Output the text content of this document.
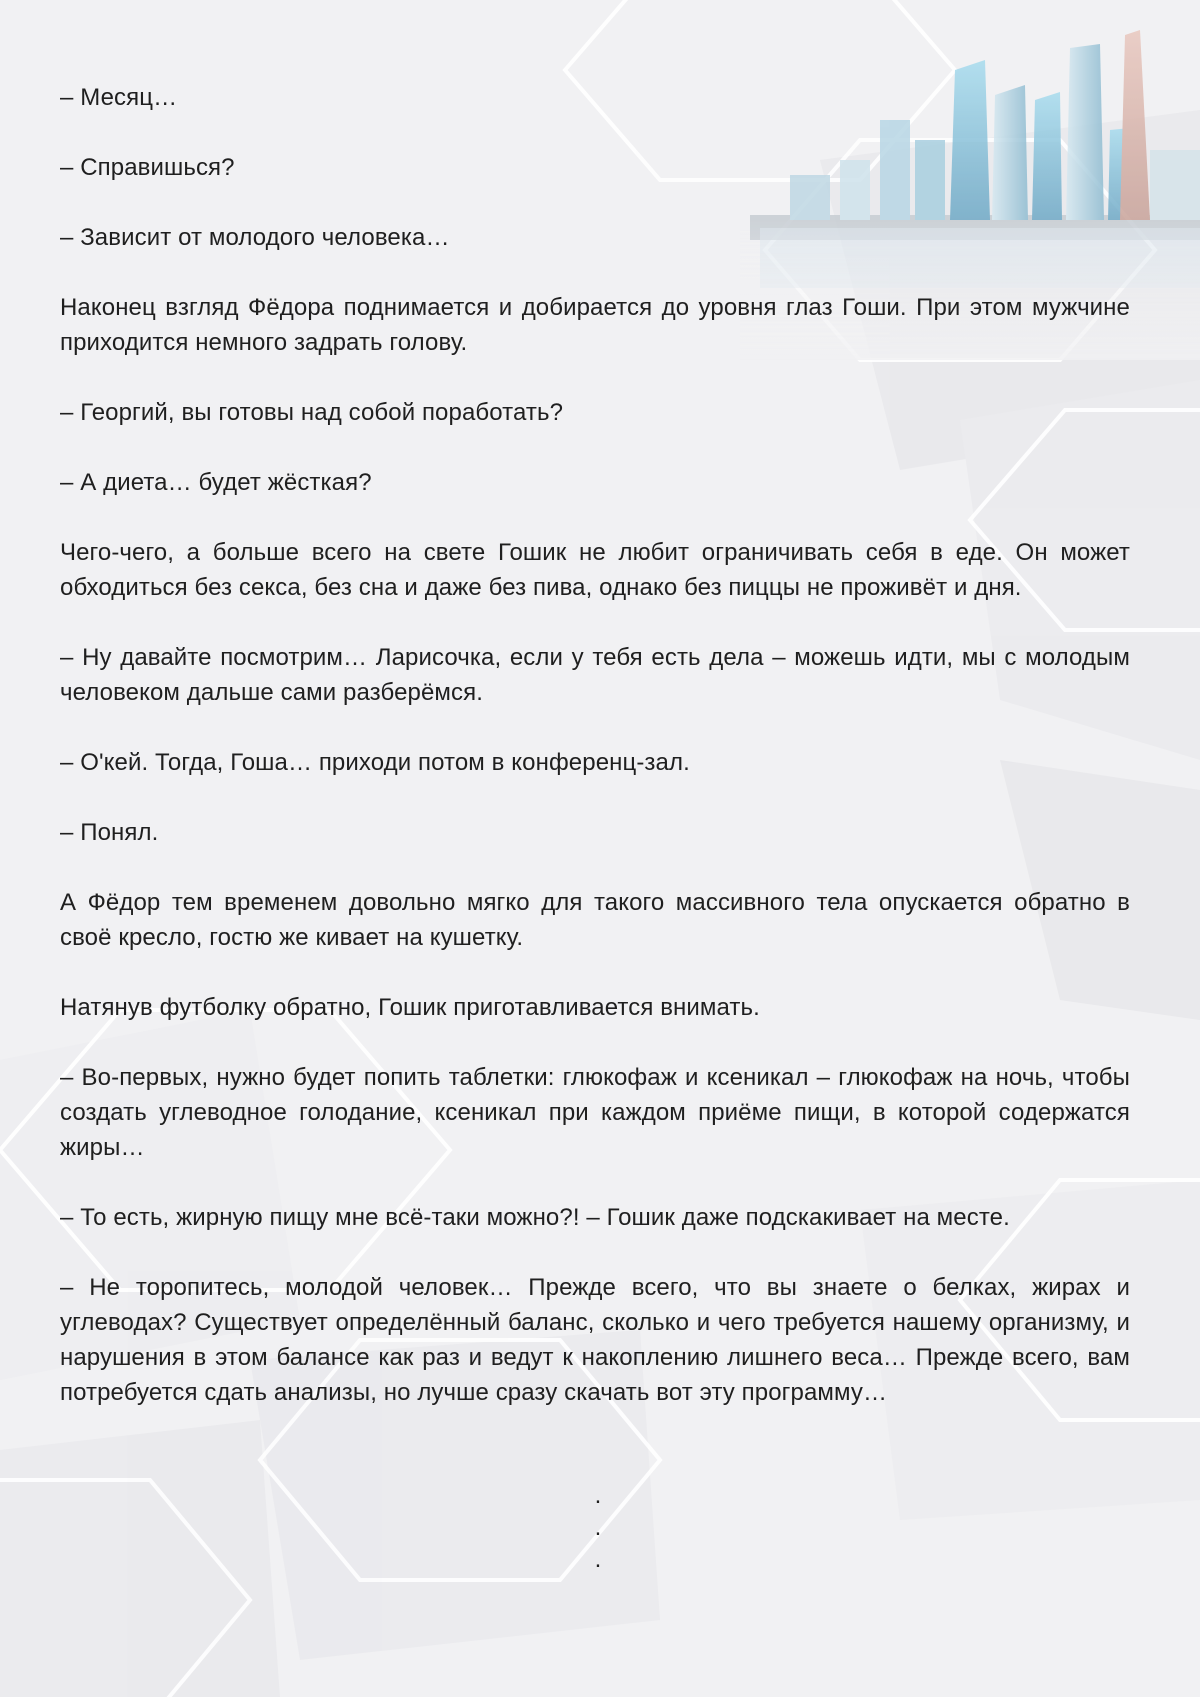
– Месяц…

– Справишься?

– Зависит от молодого человека…

Наконец взгляд Фёдора поднимается и добирается до уровня глаз Гоши. При этом мужчине приходится немного задрать голову.

– Георгий, вы готовы над собой поработать?

– А диета… будет жёсткая?

Чего-чего, а больше всего на свете Гошик не любит ограничивать себя в еде. Он может обходиться без секса, без сна и даже без пива, однако без пиццы не проживёт и дня.

– Ну давайте посмотрим… Ларисочка, если у тебя есть дела – можешь идти, мы с молодым человеком дальше сами разберёмся.

– О'кей. Тогда, Гоша… приходи потом в конференц-зал.

– Понял.

А Фёдор тем временем довольно мягко для такого массивного тела опускается обратно в своё кресло, гостю же кивает на кушетку.

Натянув футболку обратно, Гошик приготавливается внимать.

– Во-первых, нужно будет попить таблетки: глюкофаж и ксеникал – глюкофаж на ночь, чтобы создать углеводное голодание, ксеникал при каждом приёме пищи, в которой содержатся жиры…

– То есть, жирную пищу мне всё-таки можно?! – Гошик даже подскакивает на месте.

– Не торопитесь, молодой человек… Прежде всего, что вы знаете о белках, жирах и углеводах? Существует определённый баланс, сколько и чего требуется нашему организму, и нарушения в этом балансе как раз и ведут к накоплению лишнего веса… Прежде всего, вам потребуется сдать анализы, но лучше сразу скачать вот эту программу…

.
.
.
